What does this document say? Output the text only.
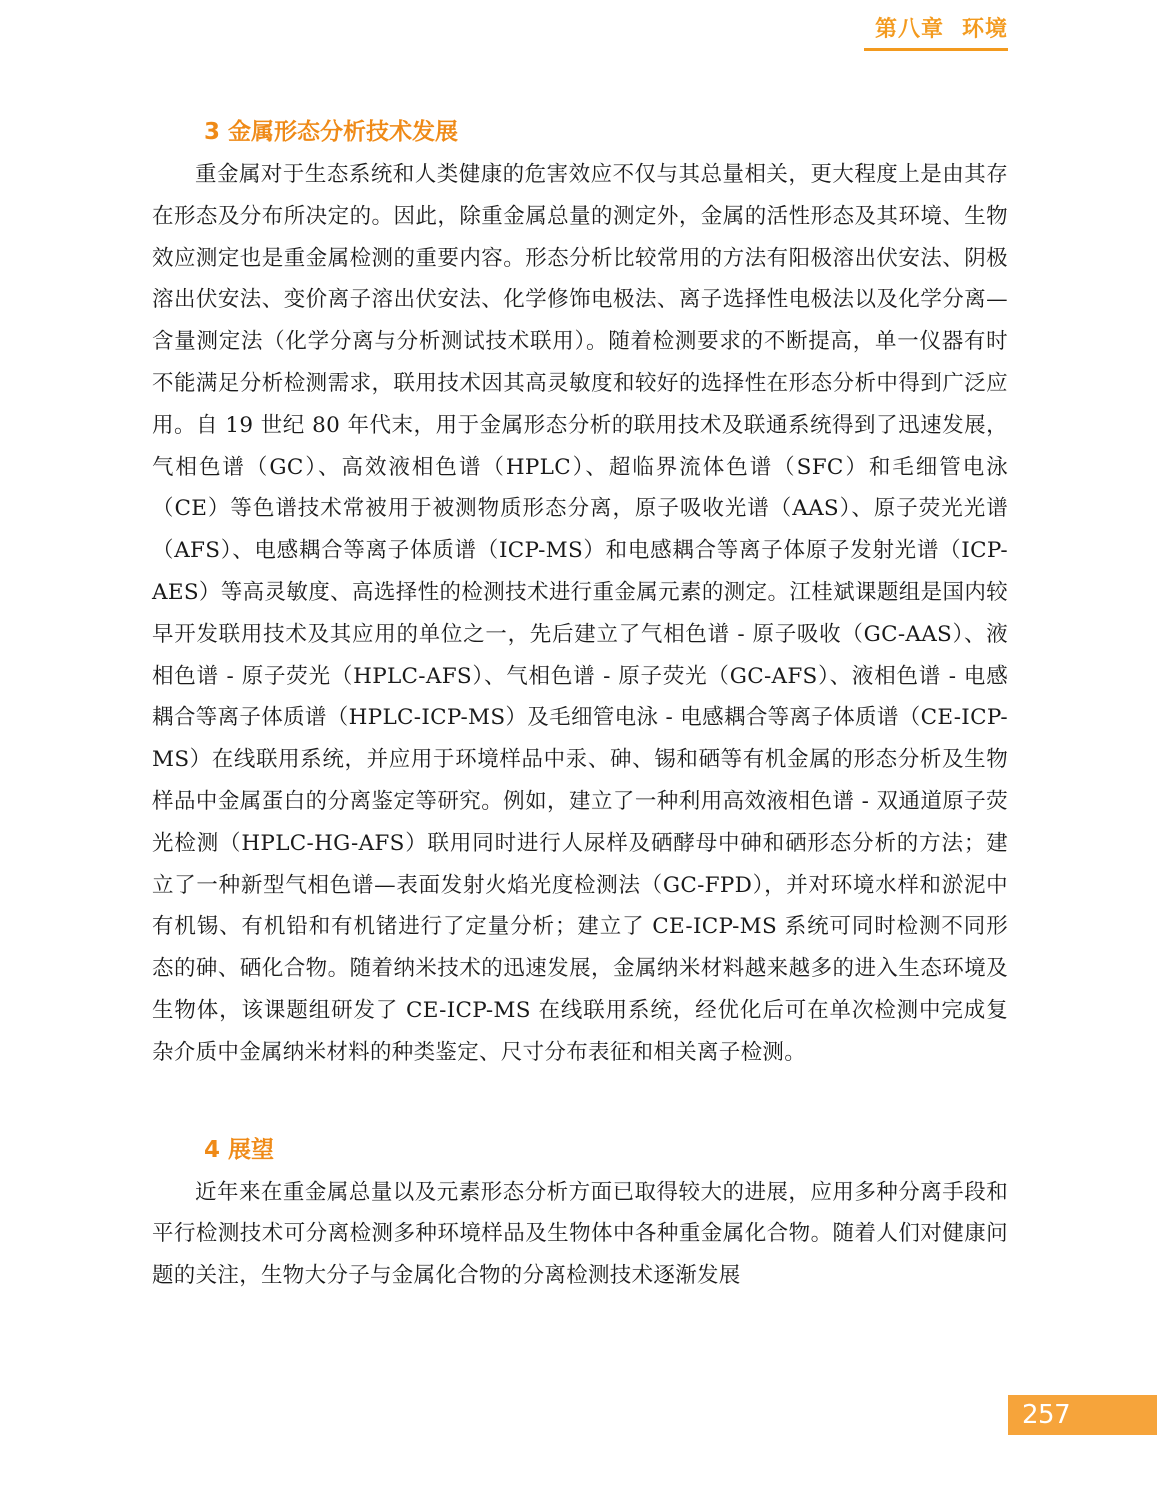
第八章 环境
3 金属形态分析技术发展

重金属对于生态系统和人类健康的危害效应不仅与其总量相关，更大程度上是由其存在形态及分布所决定的。因此，除重金属总量的测定外，金属的活性形态及其环境、生物效应测定也是重金属检测的重要内容。形态分析比较常用的方法有阳极溶出伏安法、阴极溶出伏安法、变价离子溶出伏安法、化学修饰电极法、离子选择性电极法以及化学分离—含量测定法（化学分离与分析测试技术联用）。随着检测要求的不断提高，单一仪器有时不能满足分析检测需求，联用技术因其高灵敏度和较好的选择性在形态分析中得到广泛应用。自 19 世纪 80 年代末，用于金属形态分析的联用技术及联通系统得到了迅速发展，气相色谱（GC）、高效液相色谱（HPLC）、超临界流体色谱（SFC）和毛细管电泳（CE）等色谱技术常被用于被测物质形态分离，原子吸收光谱（AAS）、原子荧光光谱（AFS）、电感耦合等离子体质谱（ICP-MS）和电感耦合等离子体原子发射光谱（ICP-AES）等高灵敏度、高选择性的检测技术进行重金属元素的测定。江桂斌课题组是国内较早开发联用技术及其应用的单位之一，先后建立了气相色谱 - 原子吸收（GC-AAS）、液相色谱 - 原子荧光（HPLC-AFS）、气相色谱 - 原子荧光（GC-AFS）、液相色谱 - 电感耦合等离子体质谱（HPLC-ICP-MS）及毛细管电泳 - 电感耦合等离子体质谱（CE-ICP-MS）在线联用系统，并应用于环境样品中汞、砷、锡和硒等有机金属的形态分析及生物样品中金属蛋白的分离鉴定等研究。例如，建立了一种利用高效液相色谱 - 双通道原子荧光检测（HPLC-HG-AFS）联用同时进行人尿样及硒酵母中砷和硒形态分析的方法；建立了一种新型气相色谱—表面发射火焰光度检测法（GC-FPD），并对环境水样和淤泥中有机锡、有机铅和有机锗进行了定量分析；建立了 CE-ICP-MS 系统可同时检测不同形态的砷、硒化合物。随着纳米技术的迅速发展，金属纳米材料越来越多的进入生态环境及生物体，该课题组研发了 CE-ICP-MS 在线联用系统，经优化后可在单次检测中完成复杂介质中金属纳米材料的种类鉴定、尺寸分布表征和相关离子检测。

4 展望

近年来在重金属总量以及元素形态分析方面已取得较大的进展，应用多种分离手段和平行检测技术可分离检测多种环境样品及生物体中各种重金属化合物。随着人们对健康问题的关注，生物大分子与金属化合物的分离检测技术逐渐发展

257
